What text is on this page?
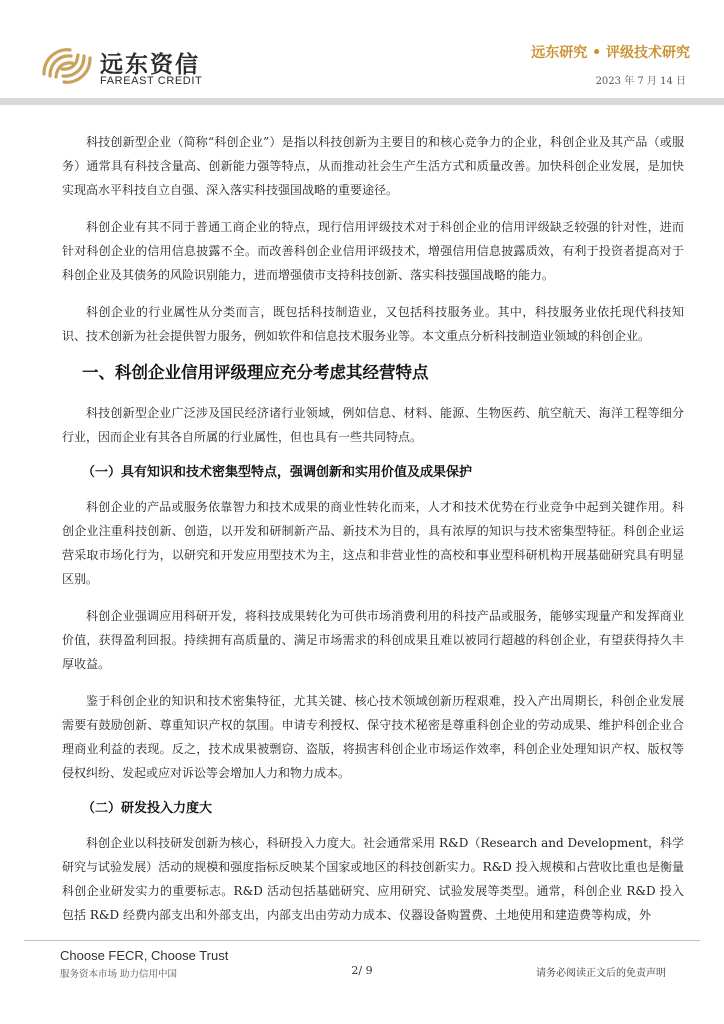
远东资信
FAREAST CREDIT
远东研究 • 评级技术研究
2023 年 7 月 14 日

科技创新型企业（简称“科创企业”）是指以科技创新为主要目的和核心竞争力的企业，科创企业及其产品（或服务）通常具有科技含量高、创新能力强等特点，从而推动社会生产生活方式和质量改善。加快科创企业发展，是加快实现高水平科技自立自强、深入落实科技强国战略的重要途径。

科创企业有其不同于普通工商企业的特点，现行信用评级技术对于科创企业的信用评级缺乏较强的针对性，进而针对科创企业的信用信息披露不全。而改善科创企业信用评级技术，增强信用信息披露质效，有利于投资者提高对于科创企业及其债务的风险识别能力，进而增强债市支持科技创新、落实科技强国战略的能力。

科创企业的行业属性从分类而言，既包括科技制造业，又包括科技服务业。其中，科技服务业依托现代科技知识、技术创新为社会提供智力服务，例如软件和信息技术服务业等。本文重点分析科技制造业领域的科创企业。

一、科创企业信用评级理应充分考虑其经营特点

科技创新型企业广泛涉及国民经济诸行业领域，例如信息、材料、能源、生物医药、航空航天、海洋工程等细分行业，因而企业有其各自所属的行业属性，但也具有一些共同特点。

（一）具有知识和技术密集型特点，强调创新和实用价值及成果保护

科创企业的产品或服务依靠智力和技术成果的商业性转化而来，人才和技术优势在行业竞争中起到关键作用。科创企业注重科技创新、创造，以开发和研制新产品、新技术为目的，具有浓厚的知识与技术密集型特征。科创企业运营采取市场化行为，以研究和开发应用型技术为主，这点和非营业性的高校和事业型科研机构开展基础研究具有明显区别。

科创企业强调应用科研开发，将科技成果转化为可供市场消费利用的科技产品或服务，能够实现量产和发挥商业价值，获得盈利回报。持续拥有高质量的、满足市场需求的科创成果且难以被同行超越的科创企业，有望获得持久丰厚收益。

鉴于科创企业的知识和技术密集特征，尤其关键、核心技术领域创新历程艰难，投入产出周期长，科创企业发展需要有鼓励创新、尊重知识产权的氛围。申请专利授权、保守技术秘密是尊重科创企业的劳动成果、维护科创企业合理商业利益的表现。反之，技术成果被剽窃、盗版，将损害科创企业市场运作效率，科创企业处理知识产权、版权等侵权纠纷、发起或应对诉讼等会增加人力和物力成本。

（二）研发投入力度大

科创企业以科技研发创新为核心，科研投入力度大。社会通常采用 R&D（Research and Development，科学研究与试验发展）活动的规模和强度指标反映某个国家或地区的科技创新实力。R&D 投入规模和占营收比重也是衡量科创企业研发实力的重要标志。R&D 活动包括基础研究、应用研究、试验发展等类型。通常，科创企业 R&D 投入包括 R&D 经费内部支出和外部支出，内部支出由劳动力成本、仪器设备购置费、土地使用和建造费等构成，外

Choose FECR, Choose Trust
服务资本市场 助力信用中国	2/ 9	请务必阅读正文后的免责声明
